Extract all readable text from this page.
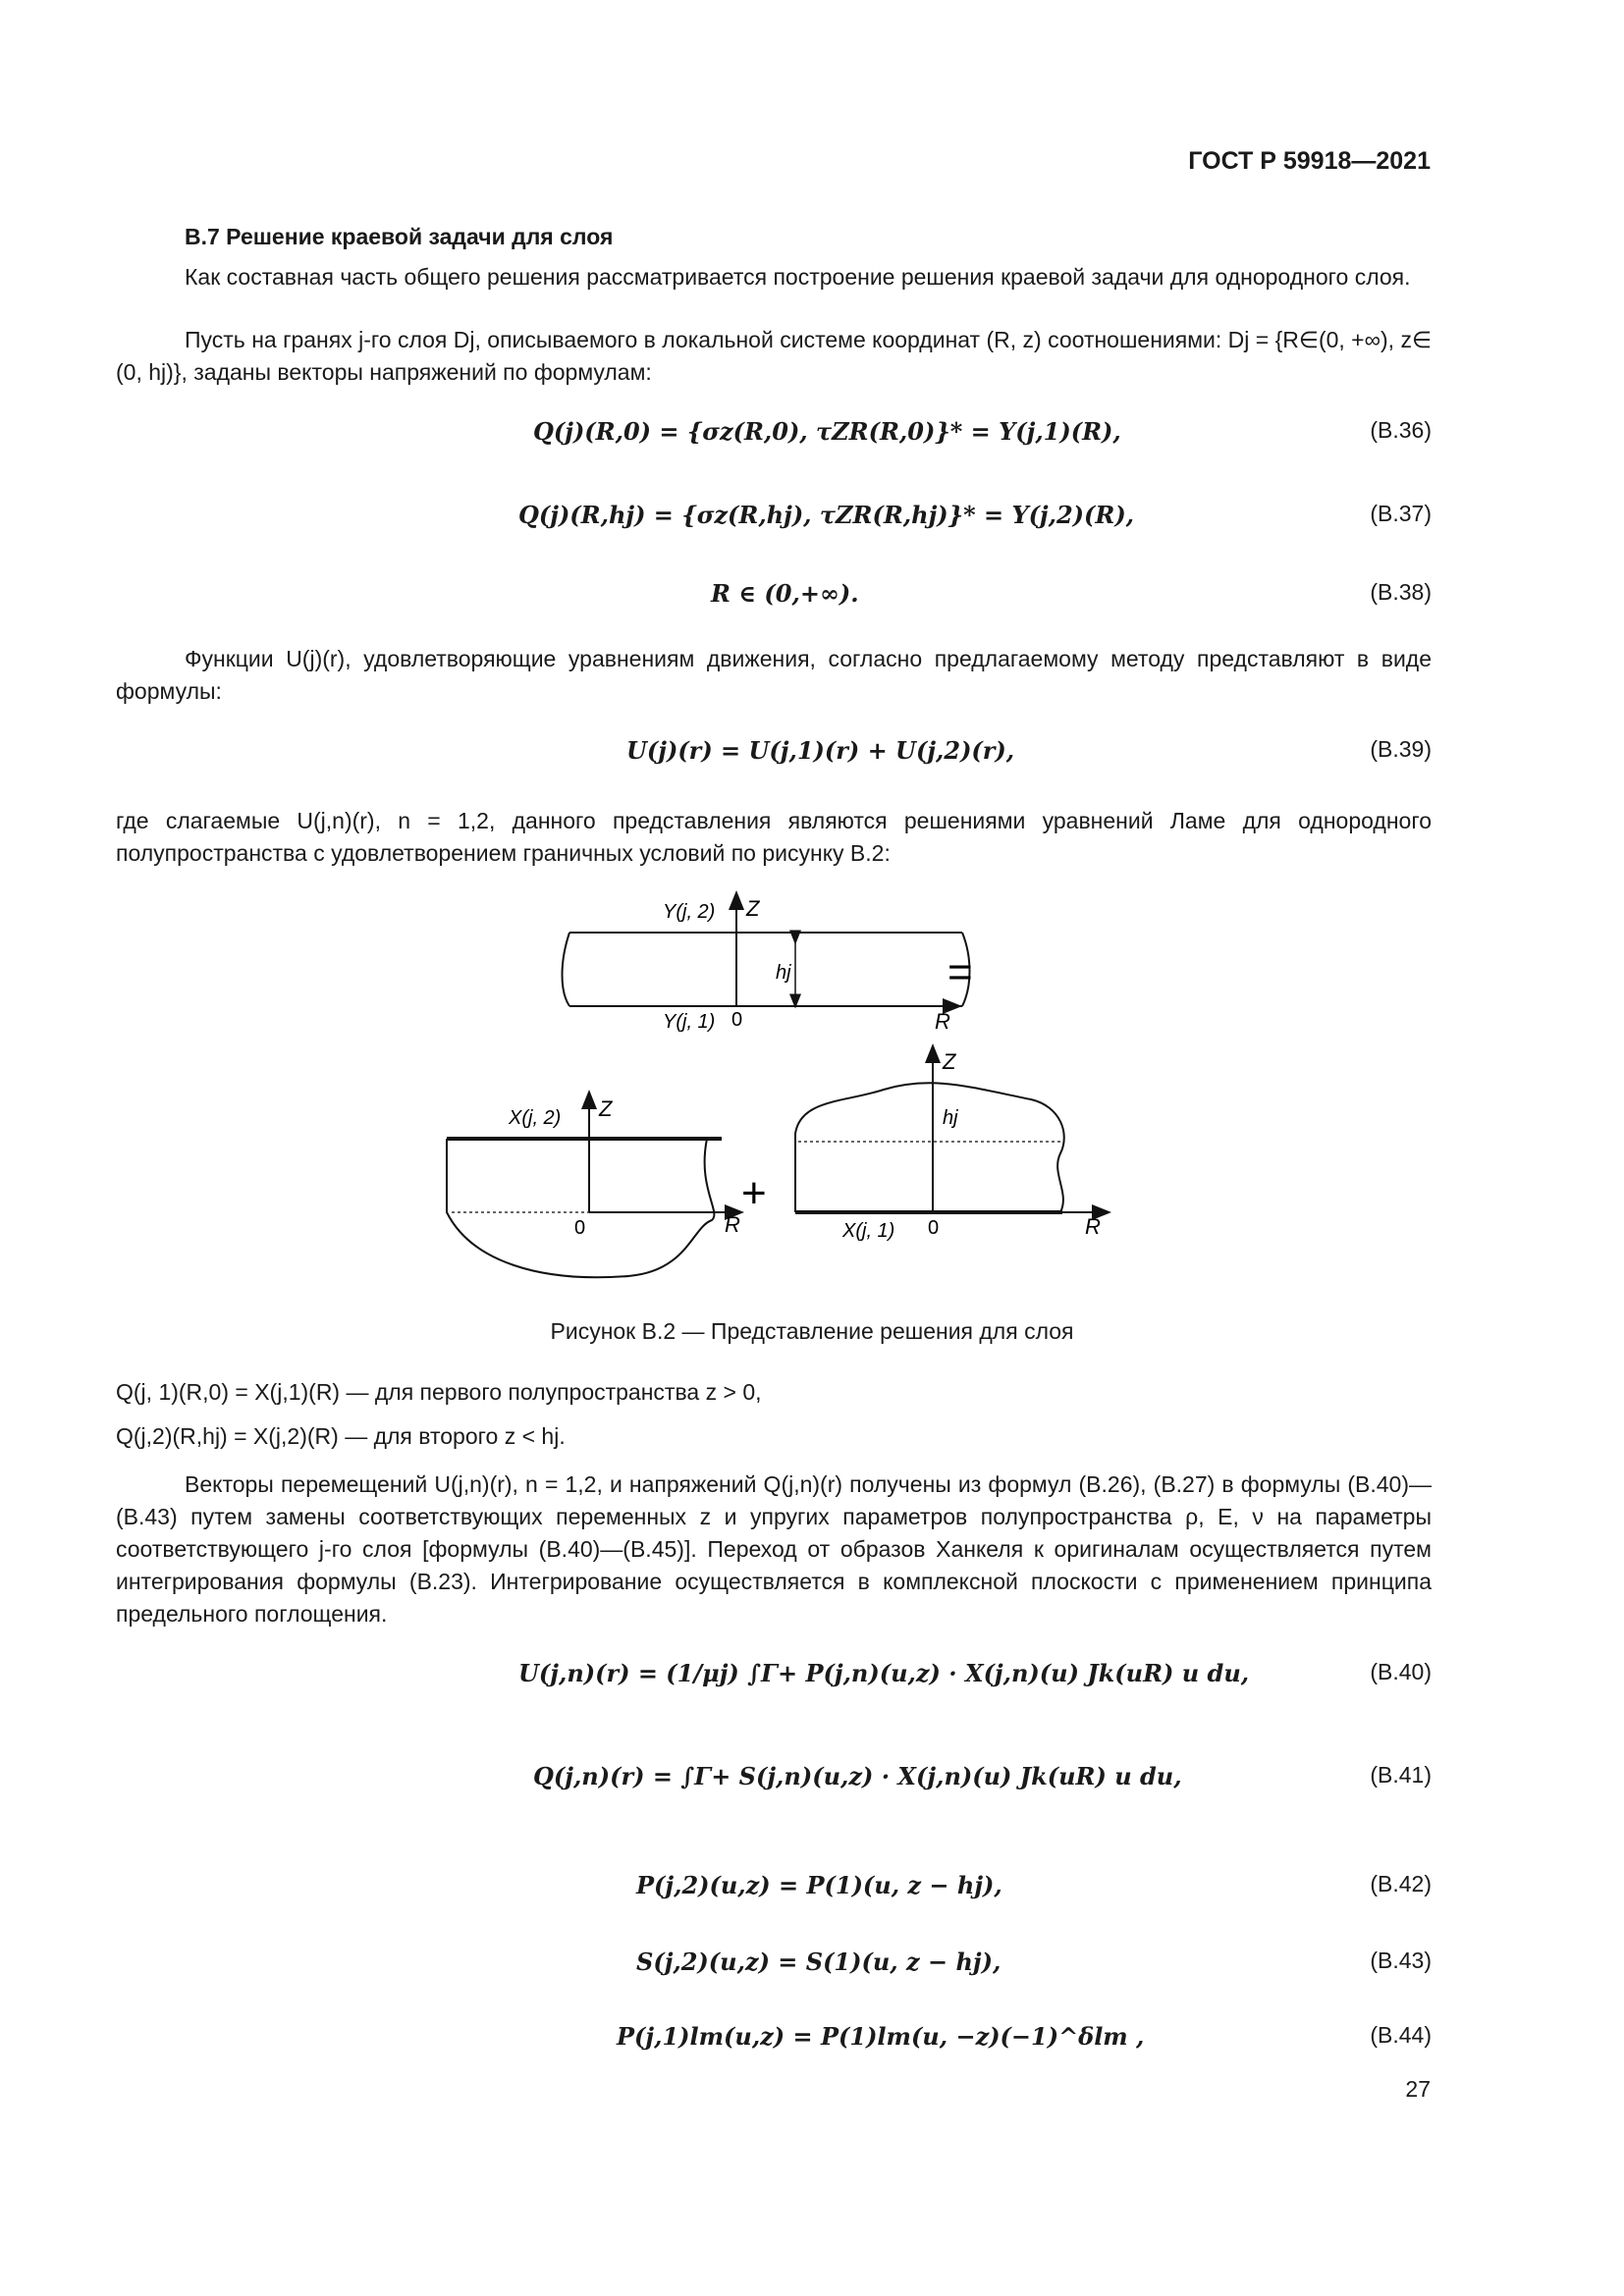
ГОСТ Р 59918—2021
В.7 Решение краевой задачи для слоя
Как составная часть общего решения рассматривается построение решения краевой задачи для однородного слоя.
Пусть на гранях j-го слоя Dj, описываемого в локальной системе координат (R, z) соотношениями: Dj = {R∈(0, +∞), z∈ (0, hj)}, заданы векторы напряжений по формулам:
Q(j)(R,0) = {σz(R,0), τZR(R,0)}* = Y(j,1)(R),	(В.36)
Q(j)(R,hj) = {σz(R,hj), τZR(R,hj)}* = Y(j,2)(R),	(В.37)
R ∈ (0,+∞).	(В.38)
Функции U(j)(r), удовлетворяющие уравнениям движения, согласно предлагаемому методу представляют в виде формулы:
U(j)(r) = U(j,1)(r) + U(j,2)(r),	(В.39)
где слагаемые U(j,n)(r), n = 1,2, данного представления являются решениями уравнений Ламе для однородного полупространства с удовлетворением граничных условий по рисунку В.2:
Y(j, 2) Z
hj
Y(j, 1) 0	R
=
X(j, 2) Z
0	R
+
Z
hj
X(j, 1) 0	R
Рисунок В.2 — Представление решения для слоя
Q(j, 1)(R,0) = X(j,1)(R) — для первого полупространства z > 0,
Q(j,2)(R,hj) = X(j,2)(R) — для второго z < hj.
Векторы перемещений U(j,n)(r), n = 1,2, и напряжений Q(j,n)(r) получены из формул (В.26), (В.27) в формулы (В.40)—(В.43) путем замены соответствующих переменных z и упругих параметров полупространства ρ, E, ν на параметры соответствующего j-го слоя [формулы (В.40)—(В.45)]. Переход от образов Ханкеля к оригиналам осуществляется путем интегрирования формулы (В.23). Интегрирование осуществляется в комплексной плоскости с применением принципа предельного поглощения.
U(j,n)(r) = (1/μj) ∫Γ+ P(j,n)(u,z) · X(j,n)(u) Jk(uR) u du,	(В.40)
Q(j,n)(r) = ∫Γ+ S(j,n)(u,z) · X(j,n)(u) Jk(uR) u du,	(В.41)
P(j,2)(u,z) = P(1)(u, z − hj),	(В.42)
S(j,2)(u,z) = S(1)(u, z − hj),	(В.43)
P(j,1)lm(u,z) = P(1)lm(u, −z)(−1)^δlm ,	(В.44)
27
